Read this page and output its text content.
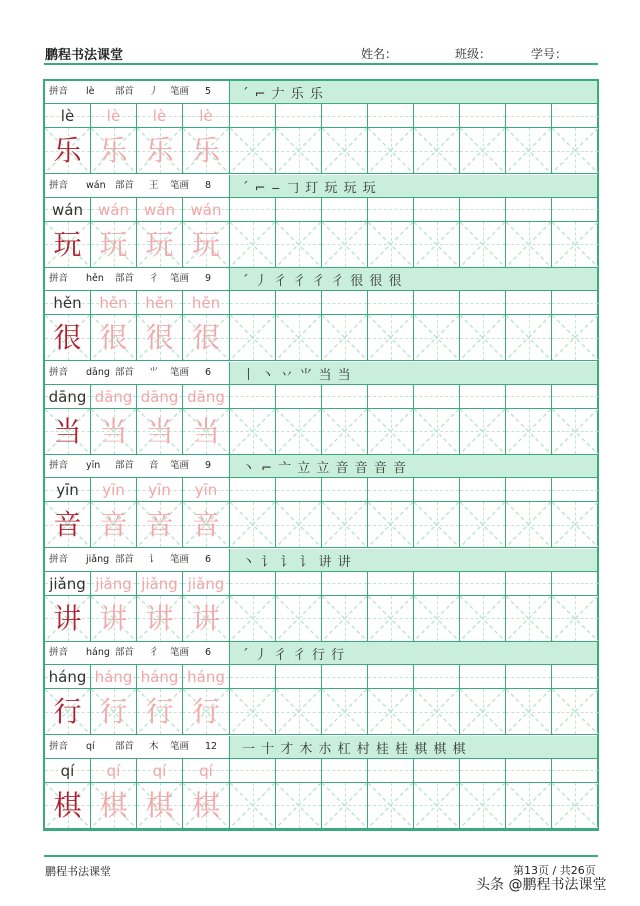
鹏程书法课堂	姓名：	班级：	学号：
拼音 lè 部首 丿 笔画 5 ´ ⌐ 𠂇 乐 乐
lè	lè	lè	lè
乐 乐 乐 乐
拼音 wán 部首 王 笔画 8 ´ ⌐ ‒ 𠃌 玎 玩 玩 玩
wán	wán	wán	wán
玩 玩 玩 玩
拼音 hěn 部首 彳 笔画 9 ´ 丿 彳 彳 彳 彳 很 很 很
hěn	hěn	hěn	hěn
很 很 很 很
拼音 dāng 部首 ⺌ 笔画 6 丨 丶 丷 ⺌ 当 当
dāng dāng dāng dāng
当 当 当 当
拼音 yīn 部首 音 笔画 9 丶 ⌐ 亠 立 立 音 音 音 音
yīn	yīn	yīn	yīn
音 音 音 音
拼音 jiǎng 部首 讠 笔画 6 丶 讠 讠 讠 讲 讲
jiǎng jiǎng jiǎng jiǎng
讲 讲 讲 讲
拼音 háng 部首 彳 笔画 6 ´ 丿 彳 彳 行 行
háng háng háng háng
行 行 行 行
拼音 qí 部首 木 笔画 12 一 十 才 木 朩 杠 村 桂 桂 棋 棋 棋
qí	qí	qí	qí
棋 棋 棋 棋
鹏程书法课堂	第13页 / 共26页
头条 @鹏程书法课堂
